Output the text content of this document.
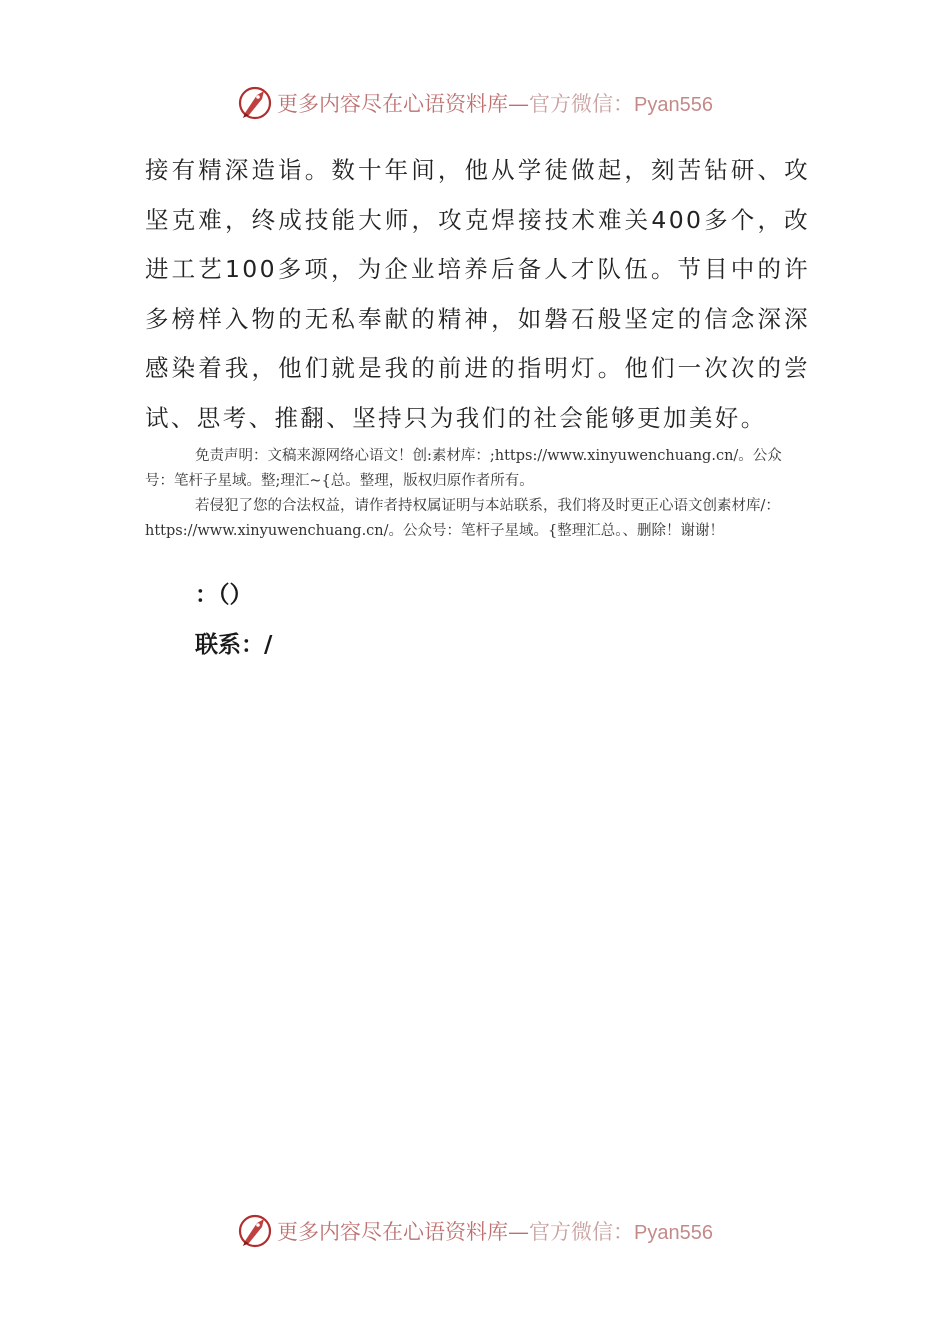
更多内容尽在心语资料库—官方微信：Pyan556

接有精深造诣。数十年间，他从学徒做起，刻苦钻研、攻坚克难，终成技能大师，攻克焊接技术难关400多个，改进工艺100多项，为企业培养后备人才队伍。节目中的许多榜样入物的无私奉献的精神，如磐石般坚定的信念深深感染着我，他们就是我的前进的指明灯。他们一次次的尝试、思考、推翻、坚持只为我们的社会能够更加美好。

免责声明：文稿来源网络心语文！创:素材库：;https://www.xinyuwenchuang.cn/。公众号：笔杆子星域。整;理汇~{总。整理，版权归原作者所有。

若侵犯了您的合法权益，请作者持权属证明与本站联系，我们将及时更正心语文创素材库/：https://www.xinyuwenchuang.cn/。公众号：笔杆子星域。{整理汇总。、删除！谢谢！

：（）
联系：/
更多内容尽在心语资料库—官方微信：Pyan556
